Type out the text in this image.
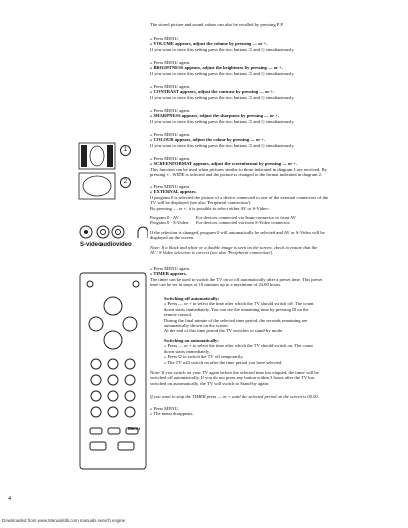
The stored picture and sound values can also be recalled by pressing P P.
» Press MENU.
» VOLUME appears, adjust the volume by pressing — or +.
If you want to store this setting press the two buttons ⊃ and ◇ simultaneously.
» Press MENU again.
» BRIGHTNESS appears, adjust the brightness by pressing — or +.
If you want to store this setting press the two buttons ⊃ and ◇ simultaneously.
» Press MENU again.
» CONTRAST appears, adjust the contrast by pressing — or +.
If you want to store this setting press the two buttons ⊃ and ◇ simultaneously.
» Press MENU again.
» SHARPNESS appears, adjust the sharpness by pressing — or +.
If you want to store this setting press the two buttons ⊃ and ◇ simultaneously.
» Press MENU again.
» COLOUR appears, adjust the colour by pressing — or +.
If you want to store this setting press the two buttons ⊃ and ◇ simultaneously.
» Press MENU again.
» SCREENFORMAT appears, adjust the screenformat by pressing — or +.
This function can be used when pictures similar to those indicated in diagram 1 are received. By
pressing + , WIDE is selected and the picture is changed to the format indicated in diagram 2.
» Press MENU again.
» EXTERNAL appears.
If program 0 is selected the picture of a device connected to one of the external connectors of the
TV will be displayed (see also 'Peripheral connection').
By pressing — or +, it is possible to select either AV or S-Video:
Program 0 - AV :	For devices connected via 5mm-connector or front AV
Program 0 - S-Video:	For devices connected via front S-Video connector.
If the selection is changed, program 0 will automatically be selected and AV or S-Video will be
displayed on the screen.
Note: If a black and white or a double image is seen on the screen, check to ensure that the
AV / S-Video selection is correct (see also 'Peripheral connection').
» Press MENU again.
» TIMER appears.
The timer can be used to switch the TV on or off automatically after a preset time. This preset
time can be set in steps of 10 minutes up to a maximum of 24.00 hours.
Switching off automatically:
» Press — or + to select the time after which the TV should switch off. The count
down starts immediately. You can see the remaining time by pressing ⊡ on the
remote control.
During the final minute of the selected time period, the seconds remaining are
automatically shown on the screen.
At the end of this time period the TV switches to stand-by mode.
Switching on automatically:
» Press — or + to select the time after which the TV should switch on. The count
down starts immediately.
» Press ⏻ to switch the TV off temporarily.
» The TV will switch on after the time period you have selected.
Note: If you switch on your TV again before the selected time has elapsed, the timer will be
switched off automatically. If you do not press any button within 3 hours after the TV has
switched on automatically, the TV will switch to Stand-by again.
If you want to stop the TIMER press — or + until the selected period on the screen is 00.00.
» Press MENU.
» The menu disappears.
1
2
S-video
audio video
Menu
4
Downloaded from www.Manualslib.com manuals search engine
